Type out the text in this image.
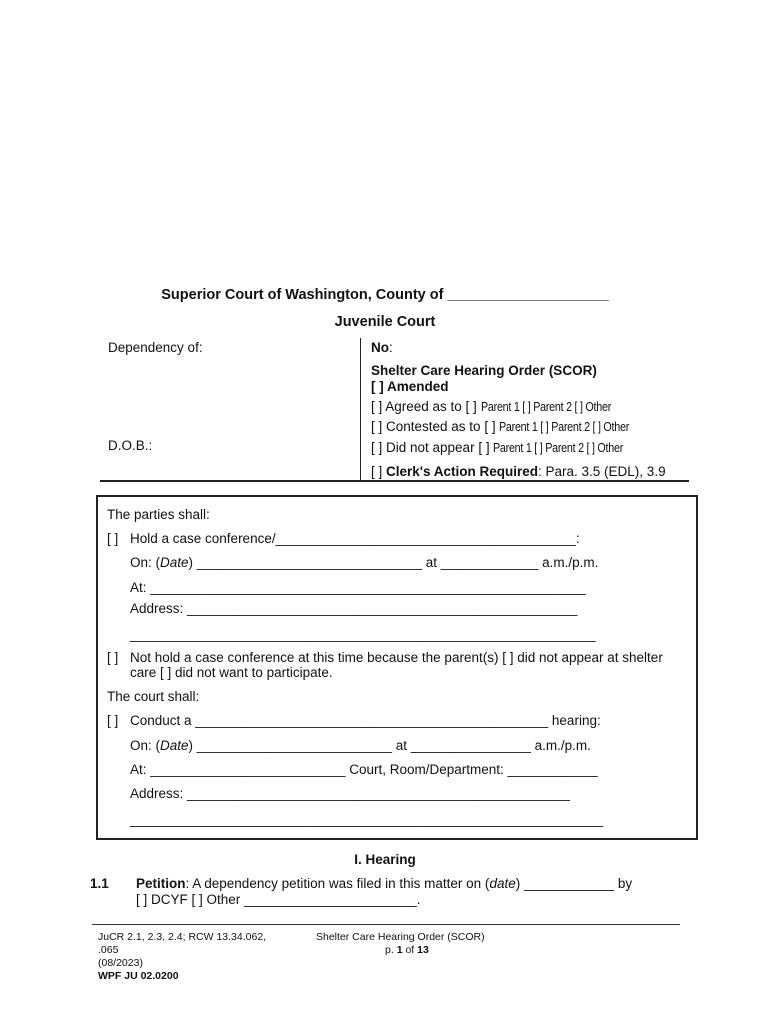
Superior Court of Washington, County of ____________________
Juvenile Court
Dependency of:
D.O.B.:
No:
Shelter Care Hearing Order (SCOR)
[ ] Amended
[ ] Agreed as to [ ] Parent 1 [ ] Parent 2 [ ] Other
[ ] Contested as to [ ] Parent 1 [ ] Parent 2 [ ] Other
[ ] Did not appear [ ] Parent 1 [ ] Parent 2 [ ] Other
[ ] Clerk's Action Required: Para. 3.5 (EDL), 3.9
The parties shall:
[ ] Hold a case conference/________________________________________:
On: (Date) ______________________________ at _____________ a.m./p.m.
At: __________________________________________________________
Address: ____________________________________________________
______________________________________________________________
[ ] Not hold a case conference at this time because the parent(s) [ ] did not appear at shelter
care [ ] did not want to participate.
The court shall:
[ ] Conduct a _______________________________________________ hearing:
On: (Date) __________________________ at ________________ a.m./p.m.
At: __________________________ Court, Room/Department: ____________
Address: ___________________________________________________
_______________________________________________________________
I. Hearing
1.1 Petition: A dependency petition was filed in this matter on (date) ____________ by
[ ] DCYF [ ] Other _______________________.
JuCR 2.1, 2.3, 2.4; RCW 13.34.062,
.065
(08/2023)
WPF JU 02.0200
Shelter Care Hearing Order (SCOR)
p. 1 of 13
